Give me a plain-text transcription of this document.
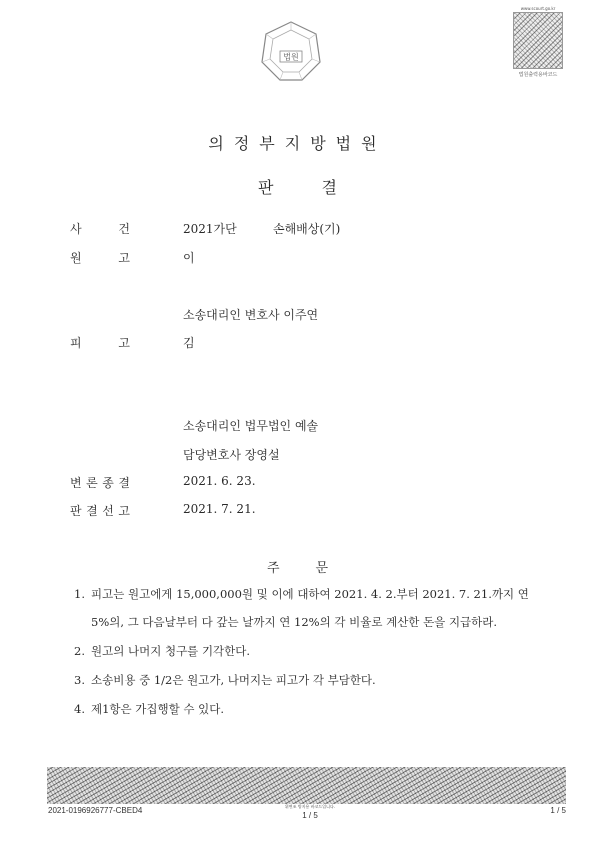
법원
www.scourt.go.kr
법원출력용바코드
의정부지방법원
판	결
사	건	2021가단	손해배상(기)
원	고	이
소송대리인 변호사 이주연
피	고	김
소송대리인 법무법인 예솔
담당변호사 장영설
변 론 종 결	2021. 6. 23.
판 결 선 고	2021. 7. 21.
주	문
1. 피고는 원고에게 15,000,000원 및 이에 대하여 2021. 4. 2.부터 2021. 7. 21.까지 연
5%의, 그 다음날부터 다 갚는 날까지 연 12%의 각 비율로 계산한 돈을 지급하라.
2. 원고의 나머지 청구를 기각한다.
3. 소송비용 중 1/2은 원고가, 나머지는 피고가 각 부담한다.
4. 제1항은 가집행할 수 있다.
2021-0196926777-CBED4	위변조 방지용 바코드입니다.
1 / 5
1 / 5
